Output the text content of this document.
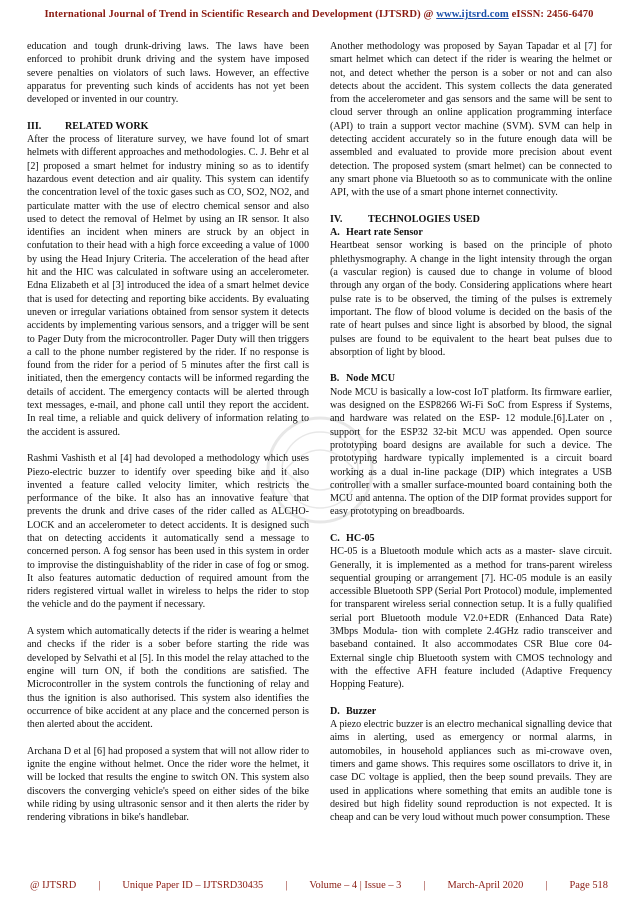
International Journal of Trend in Scientific Research and Development (IJTSRD) @ www.ijtsrd.com eISSN: 2456-6470

education and tough drunk-driving laws. The laws have been enforced to prohibit drunk driving and the system have imposed severe penalties on violators of such laws. However, an effective apparatus for preventing such kinds of accidents has not yet been developed or invented in our country.

III.	RELATED WORK

After the process of literature survey, we have found lot of smart helmets with different approaches and methodologies. C. J. Behr et al [2] proposed a smart helmet for industry mining so as to identify hazardous event detection and air quality. This system can identify the concentration level of the toxic gases such as CO, SO2, NO2, and particulate matter with the use of electro chemical sensor and also used to detect the removal of Helmet by using an IR sensor. It also identifies an incident when miners are struck by an object in confutation to their head with a high force exceeding a value of 1000 by using the Head Injury Criteria. The acceleration of the head after hit and the HIC was calculated in software using an accelerometer. Edna Elizabeth et al [3] introduced the idea of a smart helmet device that is used for detecting and reporting bike accidents. By evaluating uneven or irregular variations obtained from sensor system it detects accidents by implementing various sensors, and a trigger will be sent to Pager Duty from the microcontroller. Pager Duty will then triggers a call to the phone number registered by the rider. If no response is found from the rider for a period of 5 minutes after the first call is initiated, then the emergency contacts will be informed regarding the details of accident. The emergency contacts will be alerted through text messages, e-mail, and phone call until they report the accident. In real time, a reliable and quick delivery of information relating to the accident is assured.

Rashmi Vashisth et al [4] had devoloped a methodology which uses Piezo-electric buzzer to identify over speeding bike and it also invented a feature called velocity limiter, which restricts the performance of the bike. It also has an innovative feature that prevents the drunk and drive cases of the rider called as ALCHO-LOCK and an accelerometer to detect accidents. It is designed such that on detecting accidents it automatically send a message to concerned person. A fog sensor has been used in this system in order to improvise the distinguishablity of the rider in case of fog or smog. It also features automatic deduction of required amount from the riders registered virtual wallet in wireless to helps the rider to stop the vehicle and do the payment if necessary.

A system which automatically detects if the rider is wearing a helmet and checks if the rider is a sober before starting the ride was developed by Selvathi et al [5]. In this model the relay attached to the engine will turn ON, if both the conditions are satisfied. The Microcontroller in the system controls the functioning of relay and thus the ignition is also authorised. This system also identifies the occurrence of bike accident at any place and the concerned person is then alerted about the accident.

Archana D et al [6] had proposed a system that will not allow rider to ignite the engine without helmet. Once the rider wore the helmet, it will be locked that results the engine to switch ON. This system also discovers the converging vehicle's speed on either sides of the bike while riding by using ultrasonic sensor and it then alerts the rider by rendering vibrations in bike's handlebar.

Another methodology was proposed by Sayan Tapadar et al [7] for smart helmet which can detect if the rider is wearing the helmet or not, and detect whether the person is a sober or not and can also detects about the accident. This system collects the data generated from the accelerometer and gas sensors and the same will be sent to cloud server through an online application programming interface (API) to train a support vector machine (SVM). SVM can help in detecting accident accurately so in the future enough data will be assembled and evaluated to provide more precision about event detection. The proposed system (smart helmet) can be connected to any smart phone via Bluetooth so as to communicate with the online API, with the use of a smart phone internet connectivity.

IV.	TECHNOLOGIES USED
A. Heart rate Sensor

Heartbeat sensor working is based on the principle of photo phlethysmography. A change in the light intensity through the organ (a vascular region) is caused due to change in volume of blood through any organ of the body. Considering applications where heart pulse rate is to be observed, the timing of the pulses is extremely important. The flow of blood volume is decided on the basis of the rate of heart pulses and since light is absorbed by blood, the signal pulses are found to be equivalent to the heart beat pulses due to absorption of light by blood.

B. Node MCU

Node MCU is basically a low-cost IoT platform. Its firmware earlier, was designed on the ESP8266 Wi-Fi SoC from Espress if Systems, and hardware was related on the ESP- 12 module.[6].Later on , support for the ESP32 32-bit MCU was appended. Open source prototyping board designs are available for such a device. The prototyping hardware typically implemented is a circuit board working as a dual in-line package (DIP) which integrates a USB controller with a smaller surface-mounted board containing both the MCU and antenna. The option of the DIP format provides support for easy prototyping on breadboards.

C. HC-05

HC-05 is a Bluetooth module which acts as a master- slave circuit. Generally, it is implemented as a method for trans-parent wireless sequential grouping or arrangement [7]. HC-05 module is an easily accessible Bluetooth SPP (Serial Port Protocol) module, implemented for transparent wireless serial connection setup. It is a fully qualified serial port Bluetooth module V2.0+EDR (Enhanced Data Rate) 3Mbps Modula- tion with complete 2.4GHz radio transceiver and baseband contained. It also accommodates CSR Blue core 04-External single chip Bluetooth system with CMOS technology and with the effective AFH feature included (Adaptive Frequency Hopping Feature).

D. Buzzer

A piezo electric buzzer is an electro mechanical signalling device that aims in alerting, used as emergency or normal alarms, in automobiles, in household appliances such as mi-crowave oven, timers and game shows. This requires some oscillators to drive it, in case DC voltage is applied, then the beep sound prevails. They are used in applications where something that emits an audible tone is desired but high fidelity sound reproduction is not expected. It is cheap and can be very loud without much power consumption. These

@ IJTSRD | Unique Paper ID – IJTSRD30435 | Volume – 4 | Issue – 3 | March-April 2020 | Page 518
